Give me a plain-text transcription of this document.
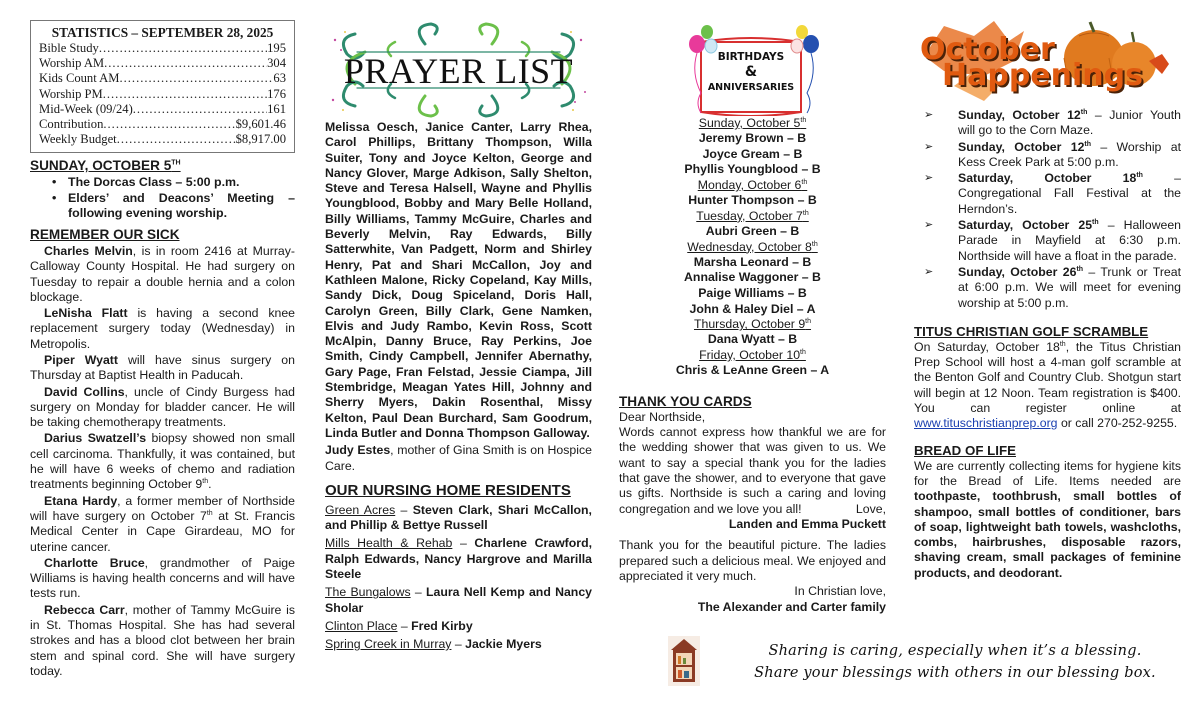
STATISTICS – SEPTEMBER 28, 2025
Bible Study .....	195
Worship AM .....	304
Kids Count AM .....	63
Worship PM .....	176
Mid-Week (09/24) .....	161
Contribution .....	$9,601.46
Weekly Budget .....	$8,917.00
SUNDAY, OCTOBER 5TH
• The Dorcas Class – 5:00 p.m.
• Elders’ and Deacons’ Meeting – following evening worship.
REMEMBER OUR SICK

Charles Melvin, is in room 2416 at Murray-Calloway County Hospital. He had surgery on Tuesday to repair a double hernia and a colon blockage.

LeNisha Flatt is having a second knee replacement surgery today (Wednesday) in Metropolis.

Piper Wyatt will have sinus surgery on Thursday at Baptist Health in Paducah.

David Collins, uncle of Cindy Burgess had surgery on Monday for bladder cancer. He will be taking chemotherapy treatments.

Darius Swatzell’s biopsy showed non small cell carcinoma. Thankfully, it was contained, but he will have 6 weeks of chemo and radiation treatments beginning October 9th.

Etana Hardy, a former member of Northside will have surgery on October 7th at St. Francis Medical Center in Cape Girardeau, MO for uterine cancer.

Charlotte Bruce, grandmother of Paige Williams is having health concerns and will have tests run.

Rebecca Carr, mother of Tammy McGuire is in St. Thomas Hospital. She has had several strokes and has a blood clot between her brain stem and spinal cord. She will have surgery today.

PRAYER LIST

Melissa Oesch, Janice Canter, Larry Rhea, Carol Phillips, Brittany Thompson, Willa Suiter, Tony and Joyce Kelton, George and Nancy Glover, Marge Adkison, Sally Shelton, Steve and Teresa Halsell, Wayne and Phyllis Youngblood, Bobby and Mary Belle Holland, Billy Williams, Tammy McGuire, Charles and Beverly Melvin, Ray Edwards, Billy Satterwhite, Van Padgett, Norm and Shirley Henry, Pat and Shari McCallon, Joy and Kathleen Malone, Ricky Copeland, Kay Mills, Sandy Dick, Doug Spiceland, Doris Hall, Carolyn Green, Billy Clark, Gene Namken, Elvis and Judy Rambo, Kevin Ross, Scott McAlpin, Danny Bruce, Ray Perkins, Joe Smith, Cindy Campbell, Jennifer Abernathy, Gary Page, Fran Felstad, Jessie Ciampa, Jill Stembridge, Meagan Yates Hill, Johnny and Sherry Myers, Dakin Rosenthal, Missy Kelton, Paul Dean Burchard, Sam Goodrum, Linda Butler and Donna Thompson Galloway.

Judy Estes, mother of Gina Smith is on Hospice Care.

OUR NURSING HOME RESIDENTS

Green Acres – Steven Clark, Shari McCallon, and Phillip & Bettye Russell

Mills Health & Rehab – Charlene Crawford, Ralph Edwards, Nancy Hargrove and Marilla Steele

The Bungalows – Laura Nell Kemp and Nancy Sholar

Clinton Place – Fred Kirby

Spring Creek in Murray – Jackie Myers

BIRTHDAYS
&
ANNIVERSARIES
Sunday, October 5th
Jeremy Brown – B
Joyce Gream – B
Phyllis Youngblood – B
Monday, October 6th
Hunter Thompson – B
Tuesday, October 7th
Aubri Green – B
Wednesday, October 8th
Marsha Leonard – B
Annalise Waggoner – B
Paige Williams – B
John & Haley Diel – A
Thursday, October 9th
Dana Wyatt – B
Friday, October 10th
Chris & LeAnne Green – A
THANK YOU CARDS

Dear Northside,

Words cannot express how thankful we are for the wedding shower that was given to us. We want to say a special thank you for the ladies that gave the shower, and to everyone that gave us gifts. Northside is such a caring and loving congregation and we love you all!	Love,

Landen and Emma Puckett

Thank you for the beautiful picture. The ladies prepared such a delicious meal. We enjoyed and appreciated it very much.

In Christian love,

The Alexander and Carter family

Sharing is caring, especially when it’s a blessing.
Share your blessings with others in our blessing box.
October
Happenings
➢ Sunday, October 12th – Junior Youth will go to the Corn Maze.
➢ Sunday, October 12th – Worship at Kess Creek Park at 5:00 p.m.
➢ Saturday, October 18th – Congregational Fall Festival at the Herndon’s.
➢ Saturday, October 25th – Halloween Parade in Mayfield at 6:30 p.m. Northside will have a float in the parade.
➢ Sunday, October 26th – Trunk or Treat at 6:00 p.m. We will meet for evening worship at 5:00 p.m.
TITUS CHRISTIAN GOLF SCRAMBLE

On Saturday, October 18th, the Titus Christian Prep School will host a 4-man golf scramble at the Benton Golf and Country Club. Shotgun start will begin at 12 Noon. Team registration is $400. You can register online at www.tituschristianprep.org or call 270-252-9255.

BREAD OF LIFE

We are currently collecting items for hygiene kits for the Bread of Life. Items needed are toothpaste, toothbrush, small bottles of shampoo, small bottles of conditioner, bars of soap, lightweight bath towels, washcloths, combs, hairbrushes, disposable razors, shaving cream, small packages of feminine products, and deodorant.
